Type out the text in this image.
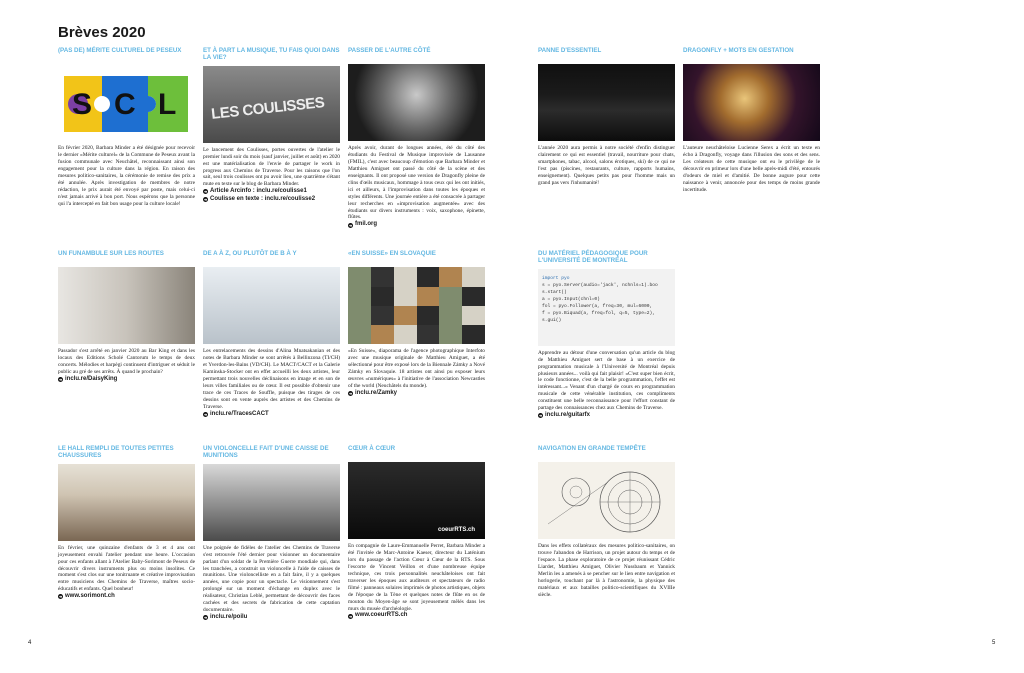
Brèves 2020
(PAS DE) MÉRITE CULTUREL DE PESEUX
S C L
En février 2020, Barbara Minder a été désignée pour recevoir le dernier «Mérite culturel» de la Commune de Peseux avant la fusion communale avec Neuchâtel, reconnaissant ainsi son engagement pour la culture dans la région. En raison des mesures politico-sanitaires, la cérémonie de remise des prix a été annulée. Après investigation de membres de notre rédaction, le prix aurait été envoyé par poste, mais celui-ci n'est jamais arrivé à bon port. Nous espérons que la personne qui l'a intercepté en fait bon usage pour la culture locale!
ET À PART LA MUSIQUE, TU FAIS QUOI DANS LA VIE?
LES COULISSES
Le lancement des Coulisses, portes ouvertes de l'atelier le premier lundi soir du mois (sauf janvier, juillet et août) en 2020 est une matérialisation de l'envie de partager le work in progress aux Chemins de Traverse. Pour les raisons que l'on sait, seul trois coulisses ont pu avoir lieu, une quatrième s'étant mute en texte sur le blog de Barbara Minder.
➜ Article Arcinfo : inclu.re/coulisse1
➜ Coulisse en texte : inclu.re/coulisse2
PASSER DE L'AUTRE CÔTÉ
Après avoir, durant de longues années, été du côté des étudiants du Festival de Musique improvisée de Lausanne (FMIL), c'est avec beaucoup d'émotion que Barbara Minder et Matthieu Amiguet ont passé du côté de la scène et des enseignants. Il ont proposé une version de Dragonfly pleine de clins d'œils musicaux, hommage à tous ceux qui les ont initiés, ici et ailleurs, à l'improvisation dans toutes les époques et styles différents. Une journée entière a été consacrée à partager leur recherches en «improvisation augmentée» avec des étudiants sur divers instruments : voix, saxophone, épinette, flûtes.
➜ fmil.org
PANNE D'ESSENTIEL
L'année 2020 aura permis à notre société d'enfin distinguer clairement ce qui est essentiel (travail, nourriture pour chats, smartphones, tabac, alcool, salons érotiques, ski) de ce qui ne l'est pas (piscines, restaurants, culture, rapports humains, enseignement). Quelques petits pas pour l'homme mais un grand pas vers l'inhumanité!
DRAGONFLY + MOTS EN GESTATION
L'auteure neuchâteloise Lucienne Serex a écrit un texte en écho à Dragonfly, voyage dans l'illusion des sons et des sens. Les créateurs de cette musique ont eu le privilège de le découvrir en primeur lors d'une belle après-midi d'été, entourés d'odeurs de miel et d'amitié. De bonne augure pour cette naissance à venir, annoncée pour des temps de moins grande incertitude.
UN FUNAMBULE SUR LES ROUTES
Passador s'est arrêté en janvier 2020 au Bar King et dans les locaux des Editions Scholé Cantorum le temps de deux concerts. Mélodies et harpègi continuent d'intriguer et séduit le public au gré de ses arrêts. À quand le prochain?
➜ inclu.re/DaisyKing
DE A À Z, OU PLUTÔT DE B À Y
Les entrelacements des dessins d'Alina Mnatsakanian et des notes de Barbara Minder se sont arrêtés à Bellinzona (TI/CH) et Yverdon-les-Bains (VD/CH). Le MACT/CACT et la Galerie Kaminska-Stocker ont en effet accueilli les deux artistes, leur permettant trois nouvelles déclinaisons en image et en son de leurs villes familiales ou de cœur. Il est possible d'obtenir une trace de ces Traces de Souffle, puisque des tirages de ces dessins sont en vente auprès des artistes et des Chemins de Traverse.
➜ inclu.re/TracesCACT
«EN SUISSE» EN SLOVAQUIE
«En Suisse», diaporama de l'agence photographique Interfoto avec une musique originale de Matthieu Amiguet, a été sélectionné pour être exposé lors de la Biennale Zámky a Nové Zámky en Slovaquie. 18 artistes ont ainsi pu exposer leurs œuvres «numériques» à l'initiative de l'association Newcastles of the world (Neuchâtels du monde).
➜ inclu.re/Zamky
DU MATÉRIEL PÉDAGOGIQUE POUR L'UNIVERSITÉ DE MONTRÉAL
import pyo
s = pyo.Server(audio='jack', nchnls=1).boo
s.start()
a = pyo.Input(chnl=0)
fol = pyo.Follower(a, freq=30, mul=6000,
f = pyo.Biquad(a, freq=fol, q=5, type=2),
s.gui()
Apprendre au détour d'une conversation qu'un article du blog de Matthieu Amiguet sert de base à un exercice de programmation musicale à l'Université de Montréal depuis plusieurs années... voilà qui fait plaisir! «C'est super bien écrit, le code fonctionne, c'est de la belle programmation, l'effet est intéressant...» Venant d'un chargé de cours en programmation musicale de cette vénérable institution, ces compliments constituent une belle reconnaissance pour l'effort constant de partage des connaissances chez aux Chemins de Traverse.
➜ inclu.re/guitarfx
LE HALL REMPLI DE TOUTES PETITES CHAUSSURES
En février, une quinzaine d'enfants de 3 et 4 ans ont joyeusement envahi l'atelier pendant une heure. L'occasion pour ces enfants allant à l'Atelier Baby-Sorimont de Peseux de découvrir divers instruments plus ou moins insolites. Ce moment s'est clos sur une tonitruante et créative improvisation entre musiciens des Chemins de Traverse, maîtres socio-éducatifs et enfants. Quel bonheur!
➜ www.sorimont.ch
UN VIOLONCELLE FAIT D'UNE CAISSE DE MUNITIONS
Une poignée de fidèles de l'atelier des Chemins de Traverse s'est retrouvée l'été dernier pour visionner un documentaire parlant d'un soldat de la Première Guerre mondiale qui, dans les tranchées, a construit un violoncelle à l'aide de caisses de munitions. Une violoncelliste en a fait faire, il y a quelques années, une copie pour un spectacle. Le visionnement s'est prolongé sur un moment d'échange en duplex avec le réalisateur, Christian Leblé, permettant de découvrir des faces cachées et des secrets de fabrication de cette captation documentaire.
➜ inclu.re/poilu
CŒUR À CŒUR
coeurRTS.ch
En compagnie de Laure-Emmanuelle Perret, Barbara Minder a été l'invitée de Marc-Antoine Kaeser, directeur du Laténium lors du passage de l'action Cœur à Cœur de la RTS. Sous l'escorte de Vincent Veillon et d'une nombreuse équipe technique, ces trois personnalités neuchâteloises ont fait traverser les époques aux auditeurs et spectateurs de radio filmé : panneaux solaires imprimés de photos artistiques, objets de l'époque de la Tène et quelques notes de flûte en os de mouton du Moyen-âge se sont joyeusement mêlés dans les murs du musée d'archéologie.
➜ www.coeurRTS.ch
NAVIGATION EN GRANDE TEMPÊTE
Dans les effets collatéraux des mesures politico-sanitaires, on trouve l'abandon de Harrison, un projet autour du temps et de l'espace. La phase exploratoire de ce projet réunissant Cédric Liardet, Matthieu Amiguet, Olivier Nussbaum et Yannick Merlin les a amenés à se pencher sur le lien entre navigation et horlogerie, touchant par là à l'astronomie, la physique des matériaux et aux batailles politico-scientifiques du XVIIIe siècle.
4	5
